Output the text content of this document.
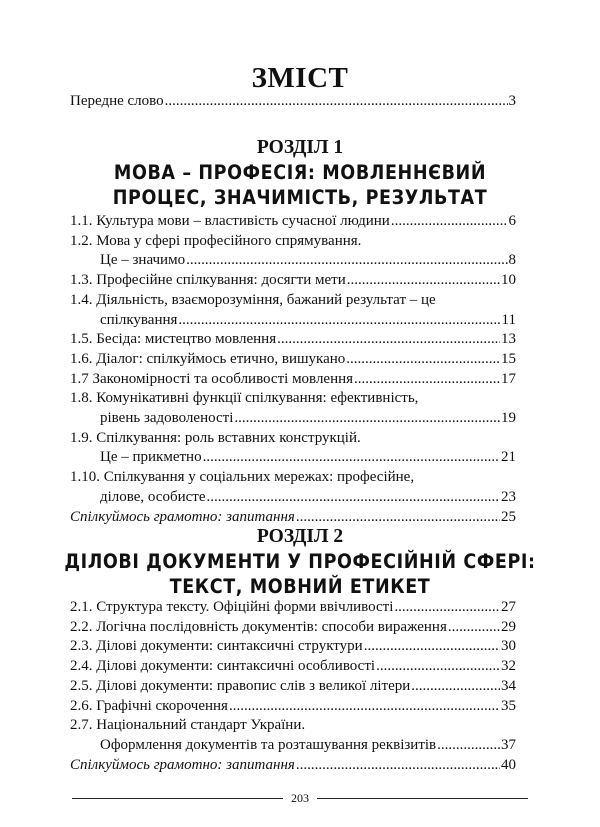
ЗМІСТ
Передне слово .....	3
РОЗДІЛ 1
МОВА – ПРОФЕСІЯ: МОВЛЕННЄВИЙ
ПРОЦЕС, ЗНАЧИМІСТЬ, РЕЗУЛЬТАТ
1.1. Культура мови – властивість сучасної людини .....	6
1.2. Мова у сфері професійного спрямування.
Це – значимо .....	8
1.3. Професійне спілкування: досягти мети .....	10
1.4. Діяльність, взаєморозуміння, бажаний результат – це
спілкування .....	11
1.5. Бесіда: мистецтво мовлення .....	13
1.6. Діалог: спілкуймось етично, вишукано .....	15
1.7 Закономірності та особливості мовлення .....	17
1.8. Комунікативні функції спілкування: ефективність,
рівень задоволеності .....	19
1.9. Спілкування: роль вставних конструкцій.
Це – прикметно .....	21
1.10. Спілкування у соціальних мережах: професійне,
ділове, особисте .....	23
Спілкуймось грамотно: запитання .....	25
РОЗДІЛ 2
ДІЛОВІ ДОКУМЕНТИ У ПРОФЕСІЙНІЙ СФЕРІ:
ТЕКСТ, МОВНИЙ ЕТИКЕТ
2.1. Структура тексту. Офіційні форми ввічливості .....	27
2.2. Логічна послідовність документів: способи вираження .....	29
2.3. Ділові документи: синтаксичні структури .....	30
2.4. Ділові документи: синтаксичні особливості .....	32
2.5. Ділові документи: правопис слів з великої літери .....	34
2.6. Графічні скорочення .....	35
2.7. Національний стандарт України.
Оформлення документів та розташування реквізитів .....	37
Спілкуймось грамотно: запитання .....	40
203
